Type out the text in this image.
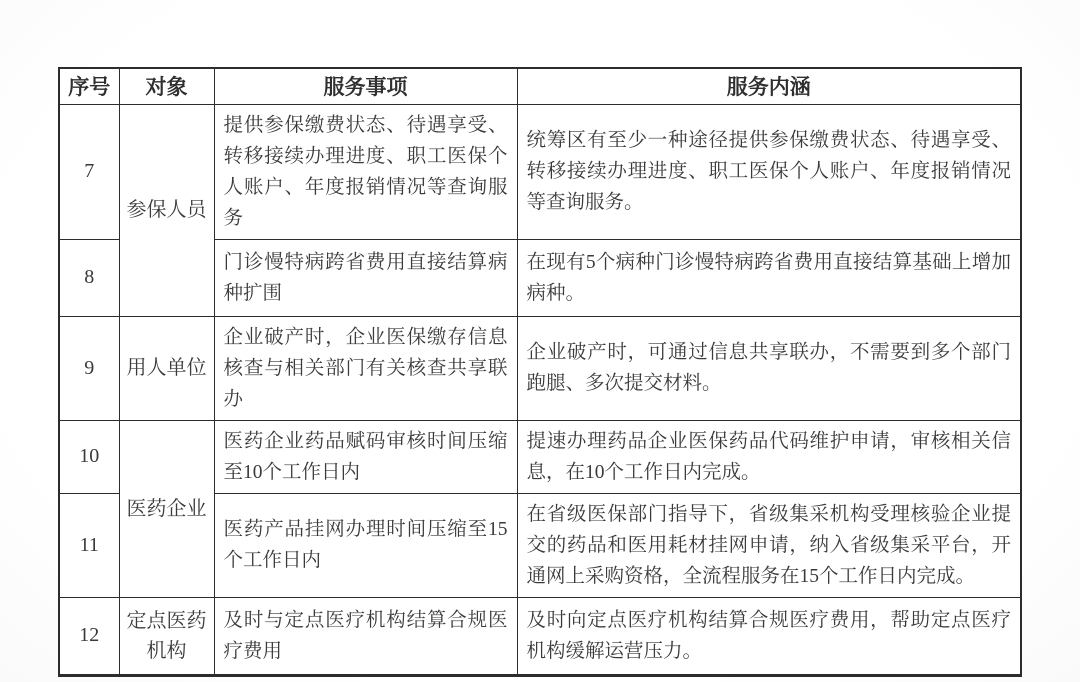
序号	对象	服务事项	服务内涵
7	参保人员	提供参保缴费状态、待遇享受、转移接续办理进度、职工医保个人账户、年度报销情况等查询服务	统筹区有至少一种途径提供参保缴费状态、待遇享受、转移接续办理进度、职工医保个人账户、年度报销情况等查询服务。
8		门诊慢特病跨省费用直接结算病种扩围	在现有5个病种门诊慢特病跨省费用直接结算基础上增加病种。
9	用人单位	企业破产时，企业医保缴存信息核查与相关部门有关核查共享联办	企业破产时，可通过信息共享联办，不需要到多个部门跑腿、多次提交材料。
10	医药企业	医药企业药品赋码审核时间压缩至10个工作日内	提速办理药品企业医保药品代码维护申请，审核相关信息，在10个工作日内完成。
11		医药产品挂网办理时间压缩至15个工作日内	在省级医保部门指导下，省级集采机构受理核验企业提交的药品和医用耗材挂网申请，纳入省级集采平台，开通网上采购资格，全流程服务在15个工作日内完成。
12	定点医药机构	及时与定点医疗机构结算合规医疗费用	及时向定点医疗机构结算合规医疗费用，帮助定点医疗机构缓解运营压力。
